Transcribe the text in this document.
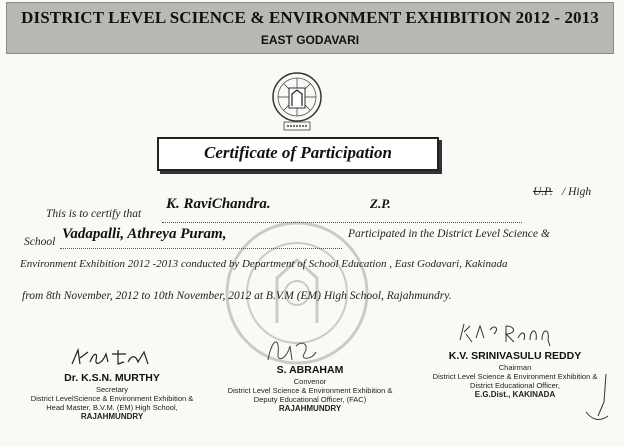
DISTRICT LEVEL SCIENCE & ENVIRONMENT EXHIBITION 2012 - 2013
EAST GODAVARI
Certificate of Participation
This is to certify that
K. RaviChandra.	Z.P.
U.P. / High
School Vadapalli, Athreya Puram,	Participated in the District Level Science &
Environment Exhibition 2012 -2013 conducted by Department of School Education , East Godavari, Kakinada
from 8th November, 2012 to 10th November, 2012 at B.V.M (EM) High School, Rajahmundry.
Dr. K.S.N. MURTHY
Secretary
District LevelScience & Environment Exhibition &
Head Master, B.V.M. (EM) High School,
RAJAHMUNDRY
S. ABRAHAM
Convenor
District Level Science & Environment Exhibition &
Deputy Educational Officer, (FAC)
RAJAHMUNDRY
K.V. SRINIVASULU REDDY
Chairman
District Level Science & Environment Exhibition &
District Educational Officer,
E.G.Dist., KAKINADA
